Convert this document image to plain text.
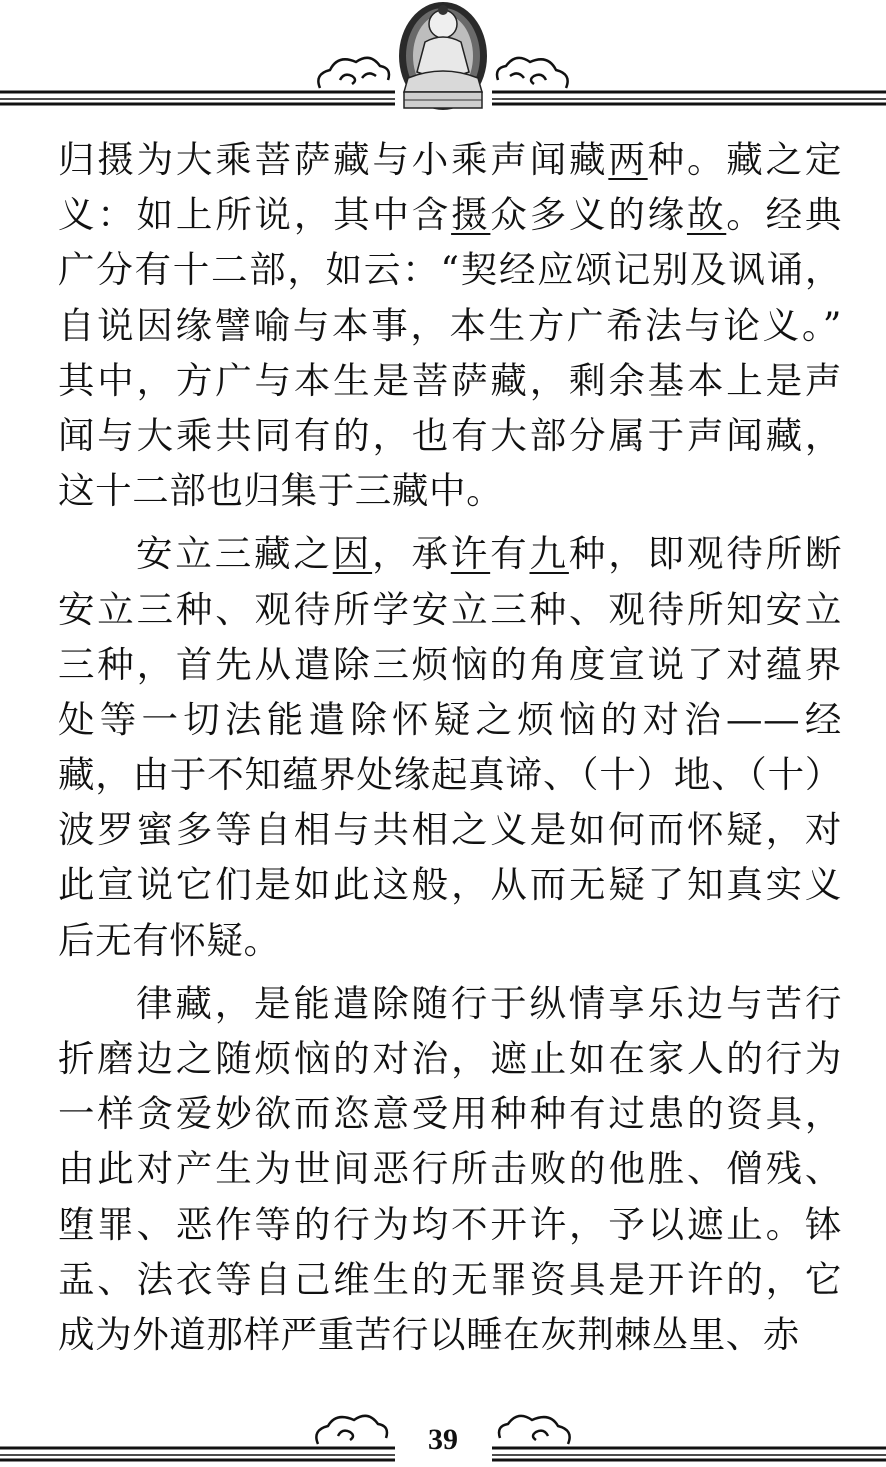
归摄为大乘菩萨藏与小乘声闻藏两种。藏之定
义：如上所说，其中含摄众多义的缘故。经典
广分有十二部，如云：“契经应颂记别及讽诵，
自说因缘譬喻与本事，本生方广希法与论义。”
其中，方广与本生是菩萨藏，剩余基本上是声
闻与大乘共同有的，也有大部分属于声闻藏，
这十二部也归集于三藏中。
安立三藏之因，承许有九种，即观待所断
安立三种、观待所学安立三种、观待所知安立
三种，首先从遣除三烦恼的角度宣说了对蕴界
处等一切法能遣除怀疑之烦恼的对治——经
藏，由于不知蕴界处缘起真谛、（十）地、（十）
波罗蜜多等自相与共相之义是如何而怀疑，对
此宣说它们是如此这般，从而无疑了知真实义
后无有怀疑。
律藏，是能遣除随行于纵情享乐边与苦行
折磨边之随烦恼的对治，遮止如在家人的行为
一样贪爱妙欲而恣意受用种种有过患的资具，
由此对产生为世间恶行所击败的他胜、僧残、
堕罪、恶作等的行为均不开许，予以遮止。钵
盂、法衣等自己维生的无罪资具是开许的，它
成为外道那样严重苦行以睡在灰荆棘丛里、赤
39
